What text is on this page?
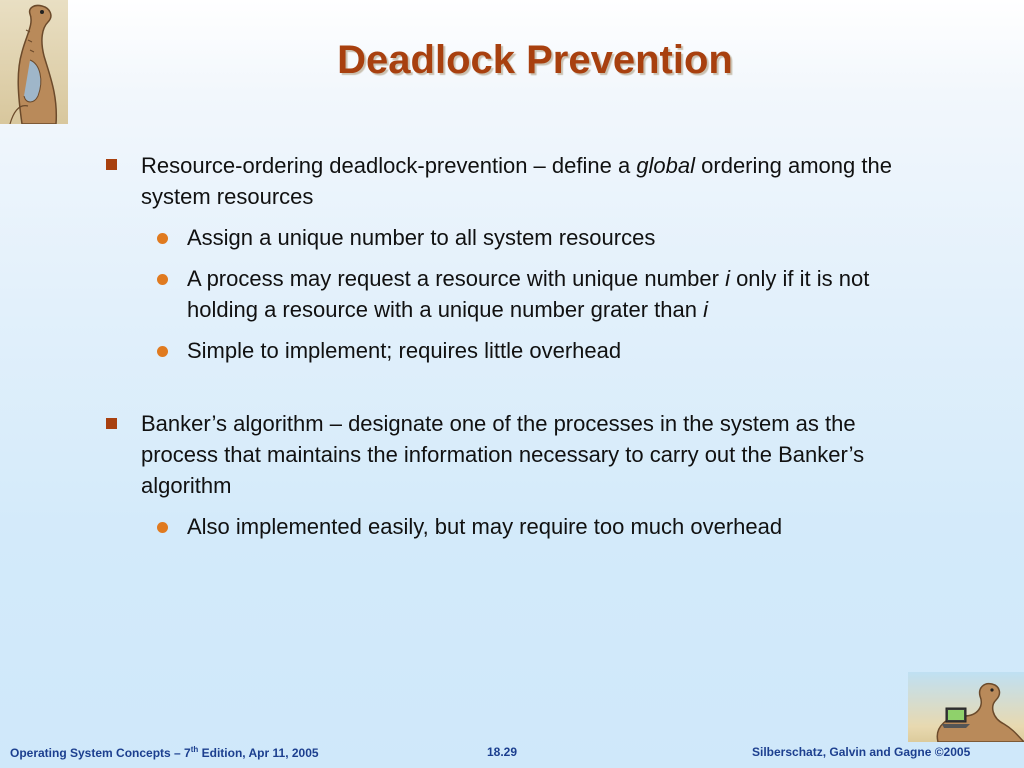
Deadlock Prevention
Resource-ordering deadlock-prevention – define a global ordering among the system resources
Assign a unique number to all system resources
A process may request a resource with unique number i only if it is not holding a resource with a unique number grater than i
Simple to implement; requires little overhead
Banker’s algorithm – designate one of the processes in the system as the process that maintains the information necessary to carry out the Banker’s algorithm
Also implemented easily, but may require too much overhead
Operating System Concepts – 7th Edition, Apr 11, 2005	18.29	Silberschatz, Galvin and Gagne ©2005
